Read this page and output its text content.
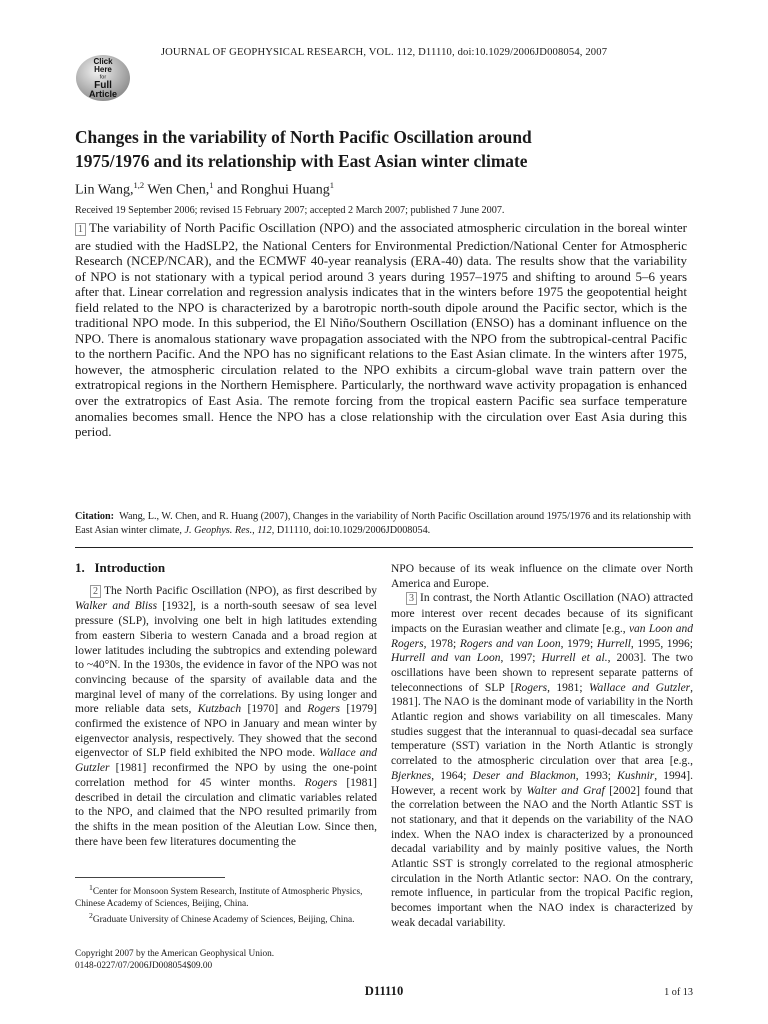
JOURNAL OF GEOPHYSICAL RESEARCH, VOL. 112, D11110, doi:10.1029/2006JD008054, 2007
Click
Here
for
Full
Article
Changes in the variability of North Pacific Oscillation around
1975/1976 and its relationship with East Asian winter climate
Lin Wang,$^{1,2}$ Wen Chen,$^1$ and Ronghui Huang$^1$
Received 19 September 2006; revised 15 February 2007; accepted 2 March 2007; published 7 June 2007.
1 The variability of North Pacific Oscillation (NPO) and the associated atmospheric circulation in the boreal winter are studied with the HadSLP2, the National Centers for Environmental Prediction/National Center for Atmospheric Research (NCEP/NCAR), and the ECMWF 40-year reanalysis (ERA-40) data. The results show that the variability of NPO is not stationary with a typical period around 3 years during 1957–1975 and shifting to around 5–6 years after that. Linear correlation and regression analysis indicates that in the winters before 1975 the geopotential height field related to the NPO is characterized by a barotropic north-south dipole around the Pacific sector, which is the traditional NPO mode. In this subperiod, the El Niño/Southern Oscillation (ENSO) has a dominant influence on the NPO. There is anomalous stationary wave propagation associated with the NPO from the subtropical-central Pacific to the northern Pacific. And the NPO has no significant relations to the East Asian climate. In the winters after 1975, however, the atmospheric circulation related to the NPO exhibits a circum-global wave train pattern over the extratropical regions in the Northern Hemisphere. Particularly, the northward wave activity propagation is enhanced over the extratropics of East Asia. The remote forcing from the tropical eastern Pacific sea surface temperature anomalies becomes small. Hence the NPO has a close relationship with the circulation over East Asia during this period.
Citation: Wang, L., W. Chen, and R. Huang (2007), Changes in the variability of North Pacific Oscillation around 1975/1976 and its relationship with East Asian winter climate, J. Geophys. Res., 112, D11110, doi:10.1029/2006JD008054.
1. Introduction

2 The North Pacific Oscillation (NPO), as first described by Walker and Bliss [1932], is a north-south seesaw of sea level pressure (SLP), involving one belt in high latitudes extending from eastern Siberia to western Canada and a broad region at lower latitudes including the subtropics and extending poleward to ~40°N. In the 1930s, the evidence in favor of the NPO was not convincing because of the sparsity of available data and the marginal level of many of the correlations. By using longer and more reliable data sets, Kutzbach [1970] and Rogers [1979] confirmed the existence of NPO in January and mean winter by eigenvector analysis, respectively. They showed that the second eigenvector of SLP field exhibited the NPO mode. Wallace and Gutzler [1981] reconfirmed the NPO by using the one-point correlation method for 45 winter months. Rogers [1981] described in detail the circulation and climatic variables related to the NPO, and claimed that the NPO resulted primarily from the shifts in the mean position of the Aleutian Low. Since then, there have been few literatures documenting the

$^1$Center for Monsoon System Research, Institute of Atmospheric Physics, Chinese Academy of Sciences, Beijing, China.

$^2$Graduate University of Chinese Academy of Sciences, Beijing, China.

Copyright 2007 by the American Geophysical Union.
0148-0227/07/2006JD008054$09.00

NPO because of its weak influence on the climate over North America and Europe.

3 In contrast, the North Atlantic Oscillation (NAO) attracted more interest over recent decades because of its significant impacts on the Eurasian weather and climate [e.g., van Loon and Rogers, 1978; Rogers and van Loon, 1979; Hurrell, 1995, 1996; Hurrell and van Loon, 1997; Hurrell et al., 2003]. The two oscillations have been shown to represent separate patterns of teleconnections of SLP [Rogers, 1981; Wallace and Gutzler, 1981]. The NAO is the dominant mode of variability in the North Atlantic region and shows variability on all timescales. Many studies suggest that the interannual to quasi-decadal sea surface temperature (SST) variation in the North Atlantic is strongly correlated to the atmospheric circulation over that area [e.g., Bjerknes, 1964; Deser and Blackmon, 1993; Kushnir, 1994]. However, a recent work by Walter and Graf [2002] found that the correlation between the NAO and the North Atlantic SST is not stationary, and that it depends on the variability of the NAO index. When the NAO index is characterized by a pronounced decadal variability and by mainly positive values, the North Atlantic SST is strongly correlated to the regional atmospheric circulation in the North Atlantic sector: NAO. On the contrary, remote influence, in particular from the tropical Pacific region, becomes important when the NAO index is characterized by weak decadal variability.

D11110	1 of 13
